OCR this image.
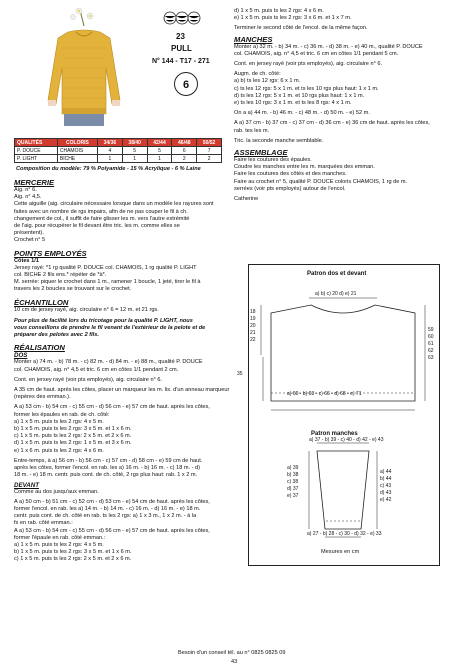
23
PULL
N° 144 - T17 - 271
6
QUALITÉS	COLORIS	34/36	38/40	42/44	46/48	50/52
P. DOUCE	CHAMOIS	4	5	5	6	7
P. LIGHT	BICHE	1	1	1	2	2
Composition du modèle: 79 % Polyamide - 15 % Acrylique - 6 % Laine
MERCERIE
Aig. n° 6.
Aig. n° 4,5.
Cette aiguille (aig. circulaire nécessaire lorsque dans un modèle les rayures sont
faites avec un nombre de rgs impairs, afin de ne pas couper le fil à ch.
changement de col., il suffit de faire glisser les m. vers l'autre extrémité
de l'aig. pour récupérer le fil devant être tric. les m. comme elles se
présentent).
Crochet n° 5
POINTS EMPLOYÉS
Côtes 1/1
Jersey rayé: *1 rg qualité P. DOUCE col. CHAMOIS, 1 rg qualité P. LIGHT
col. BICHE 2 fils ens.* répéter de *à*.
M. serrée: piquer le crochet dans 1 m., ramener 1 boucle, 1 jeté, tirer le fil à
travers les 2 boucles se trouvant sur le crochet.
ÉCHANTILLON
10 cm de jersey rayé, aig. circulaire n° 6 = 12 m. et 21 rgs.
Pour plus de facilité lors du tricotage pour la qualité P. LIGHT, nous
vous conseillons de prendre le fil venant de l'extérieur de la pelote et de
préparer des pelotes avec 2 fils.
RÉALISATION
DOS
Monter a) 74 m. - b) 78 m. - c) 82 m. - d) 84 m. - e) 88 m., qualité P. DOUCE
col. CHAMOIS, aig. n° 4,5 et tric. 6 cm en côtes 1/1 pendant 2 cm.
Cont. en jersey rayé (voir pts employés), aig. circulaire n° 6.
A 35 cm de haut. après les côtes, placer un marqueur les m. lis. d'un anneau marqueur
(repères des emman.).
A a) 53 cm - b) 54 cm - c) 55 cm - d) 56 cm - e) 57 cm de haut. après les côtes,
former les épaules en rab. de ch. côté:
a) 1 x 5 m. puis ts les 2 rgs: 4 x 5 m.
b) 1 x 5 m. puis ts les 2 rgs: 3 x 5 m. et 1 x 6 m.
c) 1 x 5 m. puis ts les 2 rgs: 2 x 5 m. et 2 x 6 m.
d) 1 x 5 m. puis ts les 2 rgs: 1 x 5 m. et 3 x 6 m.
e) 1 x 6 m. puis ts les 2 rgs: 4 x 6 m.
Entre-temps, à a) 56 cm - b) 56 cm - c) 57 cm - d) 58 cm - e) 59 cm de haut.
après les côtes, former l'encol. en rab. les a) 16 m. - b) 16 m. - c) 18 m. - d)
18 m. - e) 18 m. centr. puis cont. de ch. côté, 2 rgs plus haut: rab. 1 x 2 m.
DEVANT
Comme au dos jusqu'aux emman.
A a) 50 cm - b) 51 cm - c) 52 cm - d) 53 cm - e) 54 cm de haut. après les côtes,
former l'encol. en rab. les a) 14 m. - b) 14 m. - c) 16 m. - d) 16 m. - e) 18 m.
centr. puis cont. de ch. côté en rab. ts les 2 rgs: a) 1 x 3 m., 1 x 2 m. - à la
fs en rab. côté emman.:
A a) 53 cm - b) 54 cm - c) 55 cm - d) 56 cm - e) 57 cm de haut. après les côtes,
former l'épaule en rab. côté emman.:
a) 1 x 5 m. puis ts les 2 rgs: 4 x 5 m.
b) 1 x 5 m. puis ts les 2 rgs: 3 x 5 m. et 1 x 6 m.
c) 1 x 5 m. puis ts les 2 rgs: 2 x 5 m. et 2 x 6 m.
d) 1 x 5 m. puis ts les 2 rgs: 4 x 6 m.
e) 1 x 5 m. puis ts les 2 rgs: 3 x 6 m. et 1 x 7 m.
Terminer le second côté de l'encol. de la même façon.
MANCHES
Monter a) 32 m. - b) 34 m. - c) 36 m. - d) 38 m. - e) 40 m., qualité P. DOUCE
col. CHAMOIS, aig. n° 4,5 et tric. 6 cm en côtes 1/1 pendant 5 cm.
Cont. en jersey rayé (voir pts employés), aig. circulaire n° 6.
Augm. de ch. côté:
a) b) ts les 12 rgs: 6 x 1 m.
c) ts les 12 rgs: 5 x 1 m. et ts les 10 rgs plus haut: 1 x 1 m.
d) ts les 12 rgs: 5 x 1 m. et 10 rgs plus haut: 1 x 1 m.
e) ts les 10 rgs: 3 x 1 m. et ts les 8 rgs: 4 x 1 m.
On a a) 44 m. - b) 46 m. - c) 48 m. - d) 50 m. - e) 52 m.
A a) 37 cm - b) 37 cm - c) 37 cm - d) 36 cm - e) 36 cm de haut. après les côtes,
rab. tes les m.
Tric. la seconde manche semblable.
ASSEMBLAGE
Faire les coutures des épaules.
Coudre les manches entre les m. marquées des emman.
Faire les coutures des côtés et des manches.
Faire au crochet n° 5, qualité P. DOUCE coloris CHAMOIS, 1 rg de m.
serrées (voir pts employés) autour de l'encol.
Catherine
Patron dos et devant
a) b) c) 20 d) e) 21
18
19
20
21
22
35
59
60
61
62
63
a) 60 - b) 63 - c) 66 - d) 68 - e) 71
Patron manches
a) 37 - b) 39 - c) 40 - d) 42 - e) 43
a) 39
b) 38
c) 38
d) 37
e) 37
a) 44
b) 44
c) 43
d) 43
e) 42
a) 27 - b) 28 - c) 30 - d) 32 - e) 33
Mesures en cm
Besoin d'un conseil tél. au n° 0825 0825 09
43
